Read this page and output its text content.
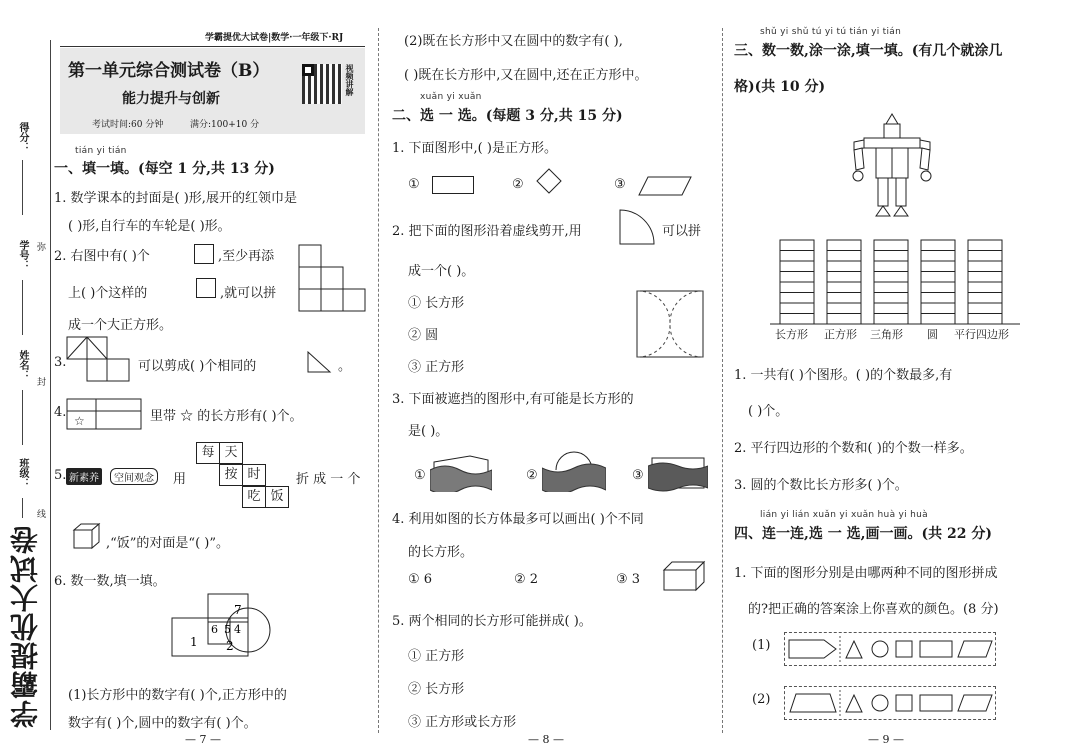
得分：
学号：
姓名：
班级：
弥
封
线
学霸提优大试卷
学霸提优大试卷|数学·一年级下·RJ
第一单元综合测试卷（B）
能力提升与创新
考试时间:60 分钟	满分:100+10 分
视频讲解
tián yi tián
一、填一填。(每空 1 分,共 13 分)
1. 数学课本的封面是( )形,展开的红领巾是
( )形,自行车的车轮是( )形。
2. 右图中有( )个	,至少再添
上( )个这样的	,就可以拼
成一个大正方形。
3.	可以剪成( )个相同的	。
4.
☆	里带 ☆ 的长方形有( )个。
5. 新素养	空间观念	用
每 天
按 时
吃 饭
折 成 一 个
,“饭”的对面是“( )”。
6. 数一数,填一填。
7
6 5 4
1 2
(1)长方形中的数字有( )个,正方形中的
数字有( )个,圆中的数字有( )个。
— 7 —
(2)既在长方形中又在圆中的数字有( ),
( )既在长方形中,又在圆中,还在正方形中。
xuǎn yi xuǎn
二、选 一 选。(每题 3 分,共 15 分)
1. 下面图形中,( )是正方形。
①	②	③
2. 把下面的图形沿着虚线剪开,用	可以拼
成一个( )。
① 长方形
② 圆
③ 正方形
3. 下面被遮挡的图形中,有可能是长方形的
是( )。
①	②	③
4. 利用如图的长方体最多可以画出( )个不同
的长方形。
① 6	② 2	③ 3
5. 两个相同的长方形可能拼成( )。
① 正方形
② 长方形
③ 正方形或长方形
— 8 —
shǔ yi shǔ tú yi tú tián yi tián
三、数一数,涂一涂,填一填。(有几个就涂几
格)(共 10 分)
长方形 正方形 三角形 圆 平行四边形
1. 一共有( )个图形。( )的个数最多,有
( )个。
2. 平行四边形的个数和( )的个数一样多。
3. 圆的个数比长方形多( )个。
lián yi lián xuǎn yi xuǎn huà yi huà
四、连一连,选 一 选,画一画。(共 22 分)
1. 下面的图形分别是由哪两种不同的图形拼成
的?把正确的答案涂上你喜欢的颜色。(8 分)
(1)
(2)
— 9 —
